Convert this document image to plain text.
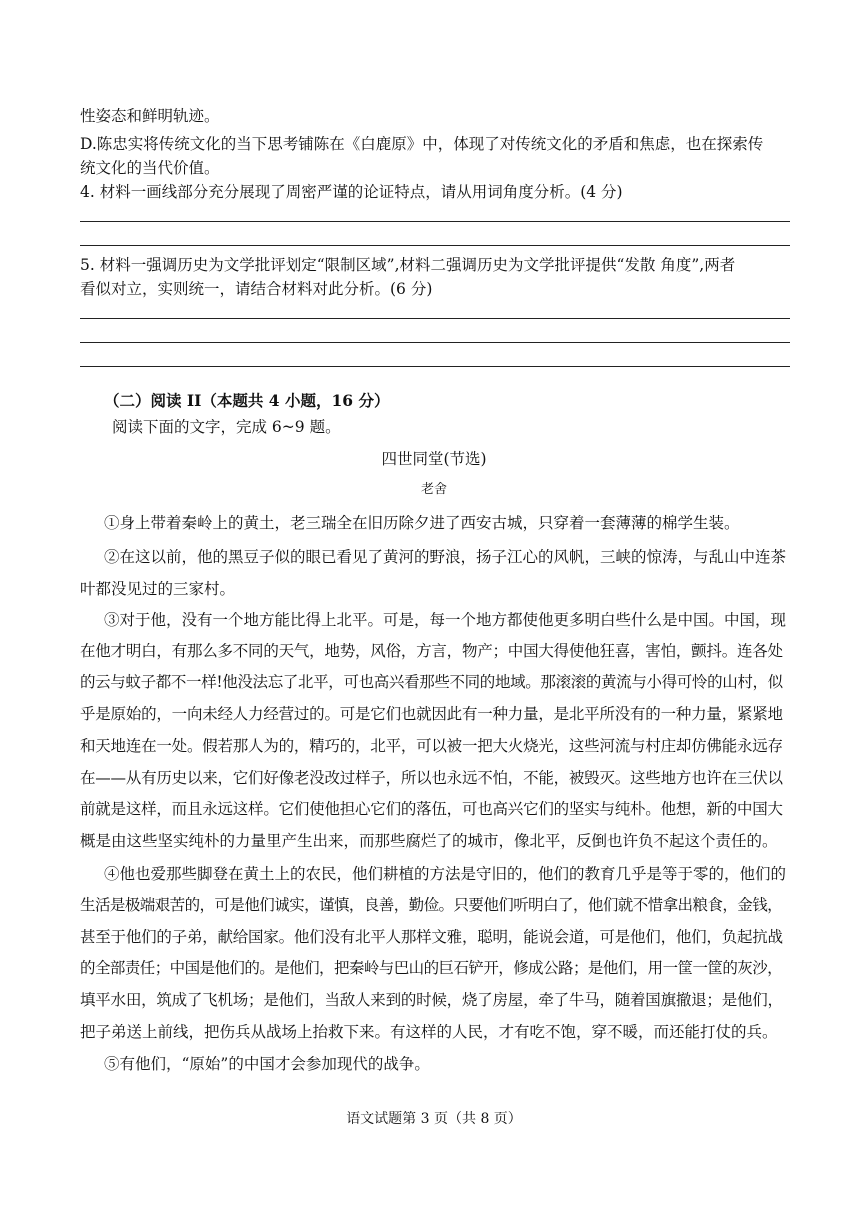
性姿态和鲜明轨迹。
D.陈忠实将传统文化的当下思考铺陈在《白鹿原》中，体现了对传统文化的矛盾和焦虑，也在探索传
统文化的当代价值。
4. 材料一画线部分充分展现了周密严谨的论证特点，请从用词角度分析。(4 分)
5. 材料一强调历史为文学批评划定“限制区域”,材料二强调历史为文学批评提供“发散 角度”,两者
看似对立，实则统一，请结合材料对此分析。(6 分)
（二）阅读 II（本题共 4 小题，16 分）
阅读下面的文字，完成 6~9 题。
四世同堂(节选)
老舍
①身上带着秦岭上的黄土，老三瑞全在旧历除夕进了西安古城，只穿着一套薄薄的棉学生装。
②在这以前，他的黑豆子似的眼已看见了黄河的野浪，扬子江心的风帆，三峡的惊涛，与乱山中连茶
叶都没见过的三家村。
③对于他，没有一个地方能比得上北平。可是，每一个地方都使他更多明白些什么是中国。中国，现
在他才明白，有那么多不同的天气，地势，风俗，方言，物产；中国大得使他狂喜，害怕，颤抖。连各处
的云与蚊子都不一样!他没法忘了北平，可也高兴看那些不同的地域。那滚滚的黄流与小得可怜的山村，似
乎是原始的，一向未经人力经营过的。可是它们也就因此有一种力量，是北平所没有的一种力量，紧紧地
和天地连在一处。假若那人为的，精巧的，北平，可以被一把大火烧光，这些河流与村庄却仿佛能永远存
在——从有历史以来，它们好像老没改过样子，所以也永远不怕，不能，被毁灭。这些地方也许在三伏以
前就是这样，而且永远这样。它们使他担心它们的落伍，可也高兴它们的坚实与纯朴。他想，新的中国大
概是由这些坚实纯朴的力量里产生出来，而那些腐烂了的城市，像北平，反倒也许负不起这个责任的。
④他也爱那些脚登在黄土上的农民，他们耕植的方法是守旧的，他们的教育几乎是等于零的，他们的
生活是极端艰苦的，可是他们诚实，谨慎，良善，勤俭。只要他们听明白了，他们就不惜拿出粮食，金钱，
甚至于他们的子弟，献给国家。他们没有北平人那样文雅，聪明，能说会道，可是他们，他们，负起抗战
的全部责任；中国是他们的。是他们，把秦岭与巴山的巨石铲开，修成公路；是他们，用一筐一筐的灰沙，
填平水田，筑成了飞机场；是他们，当敌人来到的时候，烧了房屋，牵了牛马，随着国旗撤退；是他们，
把子弟送上前线，把伤兵从战场上抬救下来。有这样的人民，才有吃不饱，穿不暖，而还能打仗的兵。
⑤有他们，“原始”的中国才会参加现代的战争。
语文试题第 3 页（共 8 页）
